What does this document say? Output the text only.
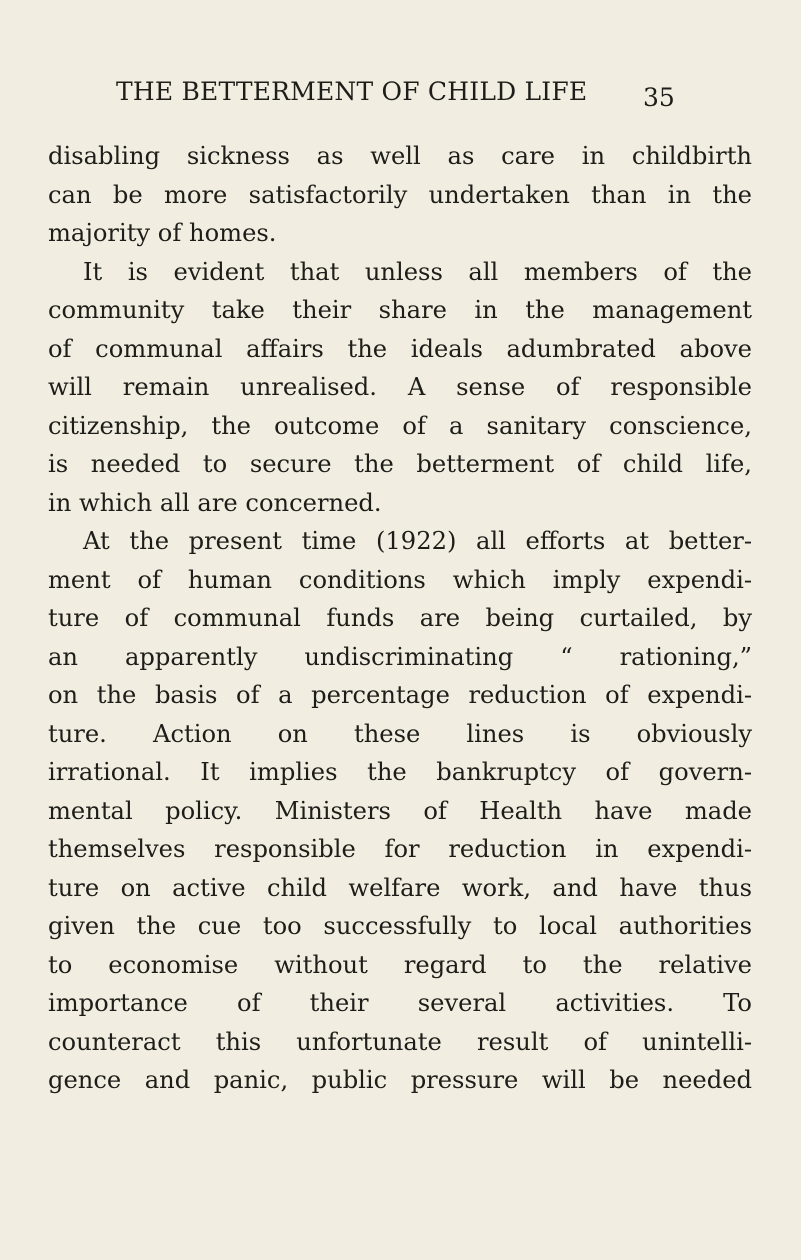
THE BETTERMENT OF CHILD LIFE 35
disabling sickness as well as care in childbirth
can be more satisfactorily undertaken than in the
majority of homes.
It is evident that unless all members of the
community take their share in the management
of communal affairs the ideals adumbrated above
will remain unrealised. A sense of responsible
citizenship, the outcome of a sanitary conscience,
is needed to secure the betterment of child life,
in which all are concerned.
At the present time (1922) all efforts at better-
ment of human conditions which imply expendi-
ture of communal funds are being curtailed, by
an apparently undiscriminating “ rationing,”
on the basis of a percentage reduction of expendi-
ture. Action on these lines is obviously
irrational. It implies the bankruptcy of govern-
mental policy. Ministers of Health have made
themselves responsible for reduction in expendi-
ture on active child welfare work, and have thus
given the cue too successfully to local authorities
to economise without regard to the relative
importance of their several activities. To
counteract this unfortunate result of unintelli-
gence and panic, public pressure will be needed
